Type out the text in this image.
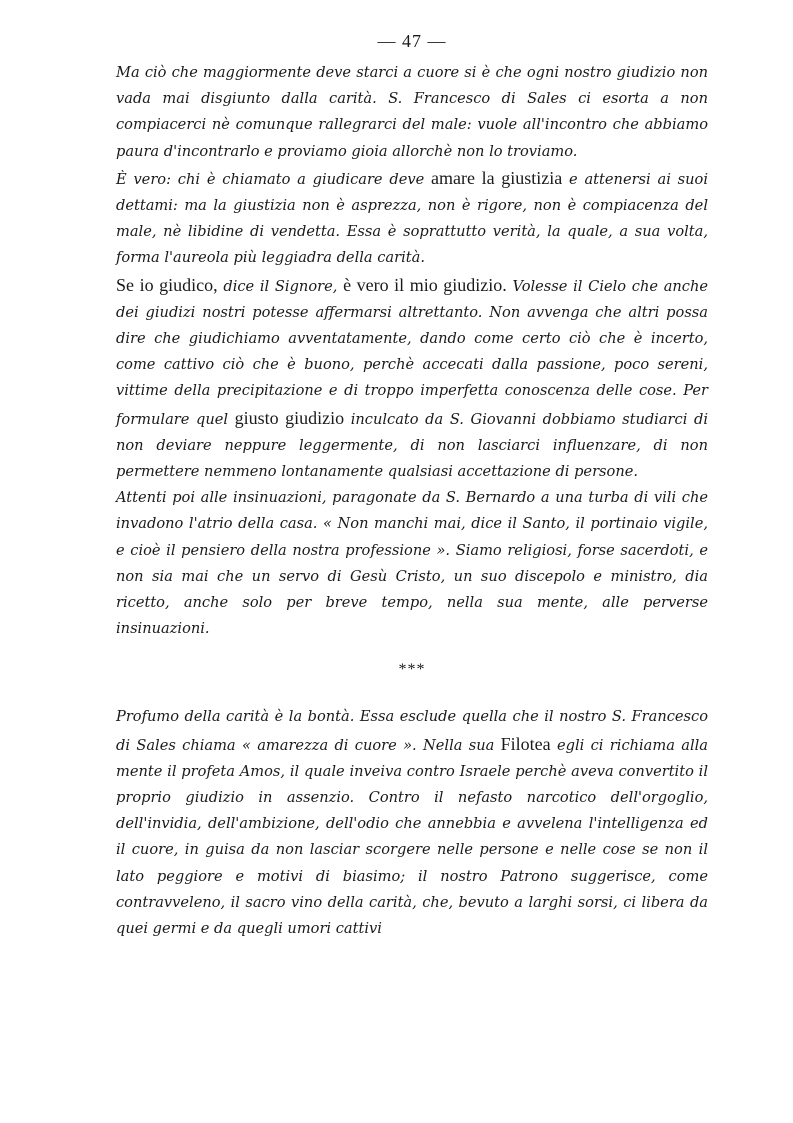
— 47 —

Ma ciò che maggiormente deve starci a cuore si è che ogni nostro giudizio non vada mai disgiunto dalla carità. S. Francesco di Sales ci esorta a non compiacerci nè comunque rallegrarci del male: vuole all'incontro che abbiamo paura d'incontrarlo e proviamo gioia allorchè non lo troviamo.

È vero: chi è chiamato a giudicare deve amare la giustizia e attenersi ai suoi dettami: ma la giustizia non è asprezza, non è rigore, non è compiacenza del male, nè libidine di vendetta. Essa è soprattutto verità, la quale, a sua volta, forma l'aureola più leggiadra della carità.

Se io giudico, dice il Signore, è vero il mio giudizio. Volesse il Cielo che anche dei giudizi nostri potesse affermarsi altrettanto. Non avvenga che altri possa dire che giudichiamo avventatamente, dando come certo ciò che è incerto, come cattivo ciò che è buono, perchè accecati dalla passione, poco sereni, vittime della precipitazione e di troppo imperfetta conoscenza delle cose. Per formulare quel giusto giudizio inculcato da S. Giovanni dobbiamo studiarci di non deviare neppure leggermente, di non lasciarci influenzare, di non permettere nemmeno lontanamente qualsiasi accettazione di persone.

Attenti poi alle insinuazioni, paragonate da S. Bernardo a una turba di vili che invadono l'atrio della casa. « Non manchi mai, dice il Santo, il portinaio vigile, e cioè il pensiero della nostra professione ». Siamo religiosi, forse sacerdoti, e non sia mai che un servo di Gesù Cristo, un suo discepolo e ministro, dia ricetto, anche solo per breve tempo, nella sua mente, alle perverse insinuazioni.

***

Profumo della carità è la bontà. Essa esclude quella che il nostro S. Francesco di Sales chiama « amarezza di cuore ». Nella sua Filotea egli ci richiama alla mente il profeta Amos, il quale inveiva contro Israele perchè aveva convertito il proprio giudizio in assenzio. Contro il nefasto narcotico dell'orgoglio, dell'invidia, dell'ambizione, dell'odio che annebbia e avvelena l'intelligenza ed il cuore, in guisa da non lasciar scorgere nelle persone e nelle cose se non il lato peggiore e motivi di biasimo; il nostro Patrono suggerisce, come contravveleno, il sacro vino della carità, che, bevuto a larghi sorsi, ci libera da quei germi e da quegli umori cattivi
